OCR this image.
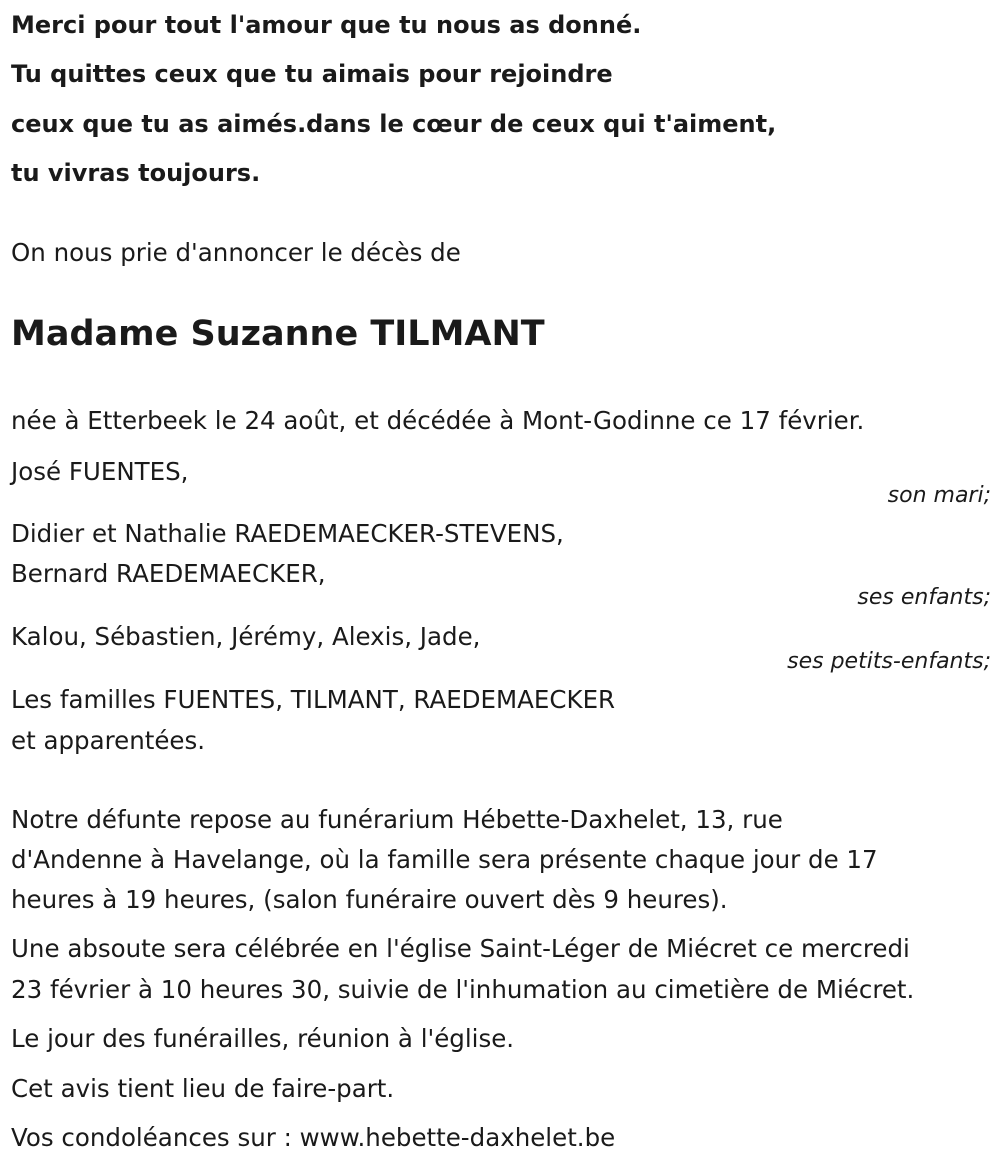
Merci pour tout l'amour que tu nous as donné.
Tu quittes ceux que tu aimais pour rejoindre
ceux que tu as aimés.dans le cœur de ceux qui t'aiment,
tu vivras toujours.
On nous prie d'annoncer le décès de
Madame Suzanne TILMANT
née à Etterbeek le 24 août, et décédée à Mont-Godinne ce 17 février.
José FUENTES,
son mari;
Didier et Nathalie RAEDEMAECKER-STEVENS,
Bernard RAEDEMAECKER,
ses enfants;
Kalou, Sébastien, Jérémy, Alexis, Jade,
ses petits-enfants;
Les familles FUENTES, TILMANT, RAEDEMAECKER
et apparentées.
Notre défunte repose au funérarium Hébette-Daxhelet, 13, rue
d'Andenne à Havelange, où la famille sera présente chaque jour de 17
heures à 19 heures, (salon funéraire ouvert dès 9 heures).
Une absoute sera célébrée en l'église Saint-Léger de Miécret ce mercredi
23 février à 10 heures 30, suivie de l'inhumation au cimetière de Miécret.
Le jour des funérailles, réunion à l'église.
Cet avis tient lieu de faire-part.
Vos condoléances sur : www.hebette-daxhelet.be
